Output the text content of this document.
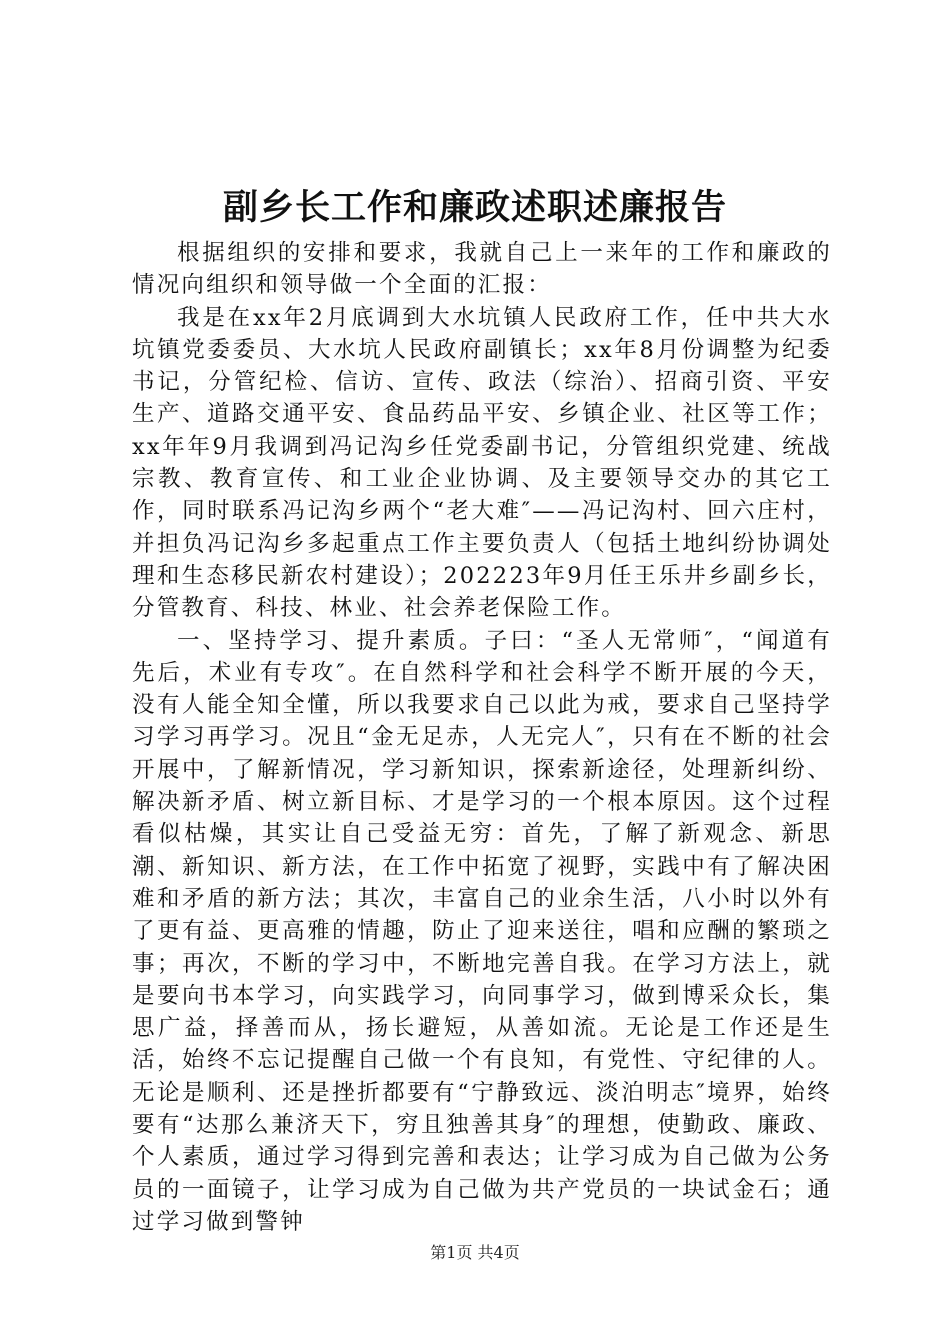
副乡长工作和廉政述职述廉报告

根据组织的安排和要求，我就自己上一来年的工作和廉政的情况向组织和领导做一个全面的汇报：

我是在xx年2月底调到大水坑镇人民政府工作，任中共大水坑镇党委委员、大水坑人民政府副镇长；xx年8月份调整为纪委书记，分管纪检、信访、宣传、政法（综治）、招商引资、平安生产、道路交通平安、食品药品平安、乡镇企业、社区等工作；xx年年9月我调到冯记沟乡任党委副书记，分管组织党建、统战宗教、教育宣传、和工业企业协调、及主要领导交办的其它工作，同时联系冯记沟乡两个“老大难″——冯记沟村、回六庄村，并担负冯记沟乡多起重点工作主要负责人（包括土地纠纷协调处理和生态移民新农村建设）；202223年9月任王乐井乡副乡长，分管教育、科技、林业、社会养老保险工作。

一、坚持学习、提升素质。子曰：“圣人无常师″，“闻道有先后，术业有专攻″。在自然科学和社会科学不断开展的今天，没有人能全知全懂，所以我要求自己以此为戒，要求自己坚持学习学习再学习。况且“金无足赤，人无完人″，只有在不断的社会开展中，了解新情况，学习新知识，探索新途径，处理新纠纷、解决新矛盾、树立新目标、才是学习的一个根本原因。这个过程看似枯燥，其实让自己受益无穷：首先，了解了新观念、新思潮、新知识、新方法，在工作中拓宽了视野，实践中有了解决困难和矛盾的新方法；其次，丰富自己的业余生活，八小时以外有了更有益、更高雅的情趣，防止了迎来送往，唱和应酬的繁琐之事；再次，不断的学习中，不断地完善自我。在学习方法上，就是要向书本学习，向实践学习，向同事学习，做到博采众长，集思广益，择善而从，扬长避短，从善如流。无论是工作还是生活，始终不忘记提醒自己做一个有良知，有党性、守纪律的人。无论是顺利、还是挫折都要有“宁静致远、淡泊明志″境界，始终要有“达那么兼济天下，穷且独善其身″的理想，使勤政、廉政、个人素质，通过学习得到完善和表达；让学习成为自己做为公务员的一面镜子，让学习成为自己做为共产党员的一块试金石；通过学习做到警钟

第1页 共4页
